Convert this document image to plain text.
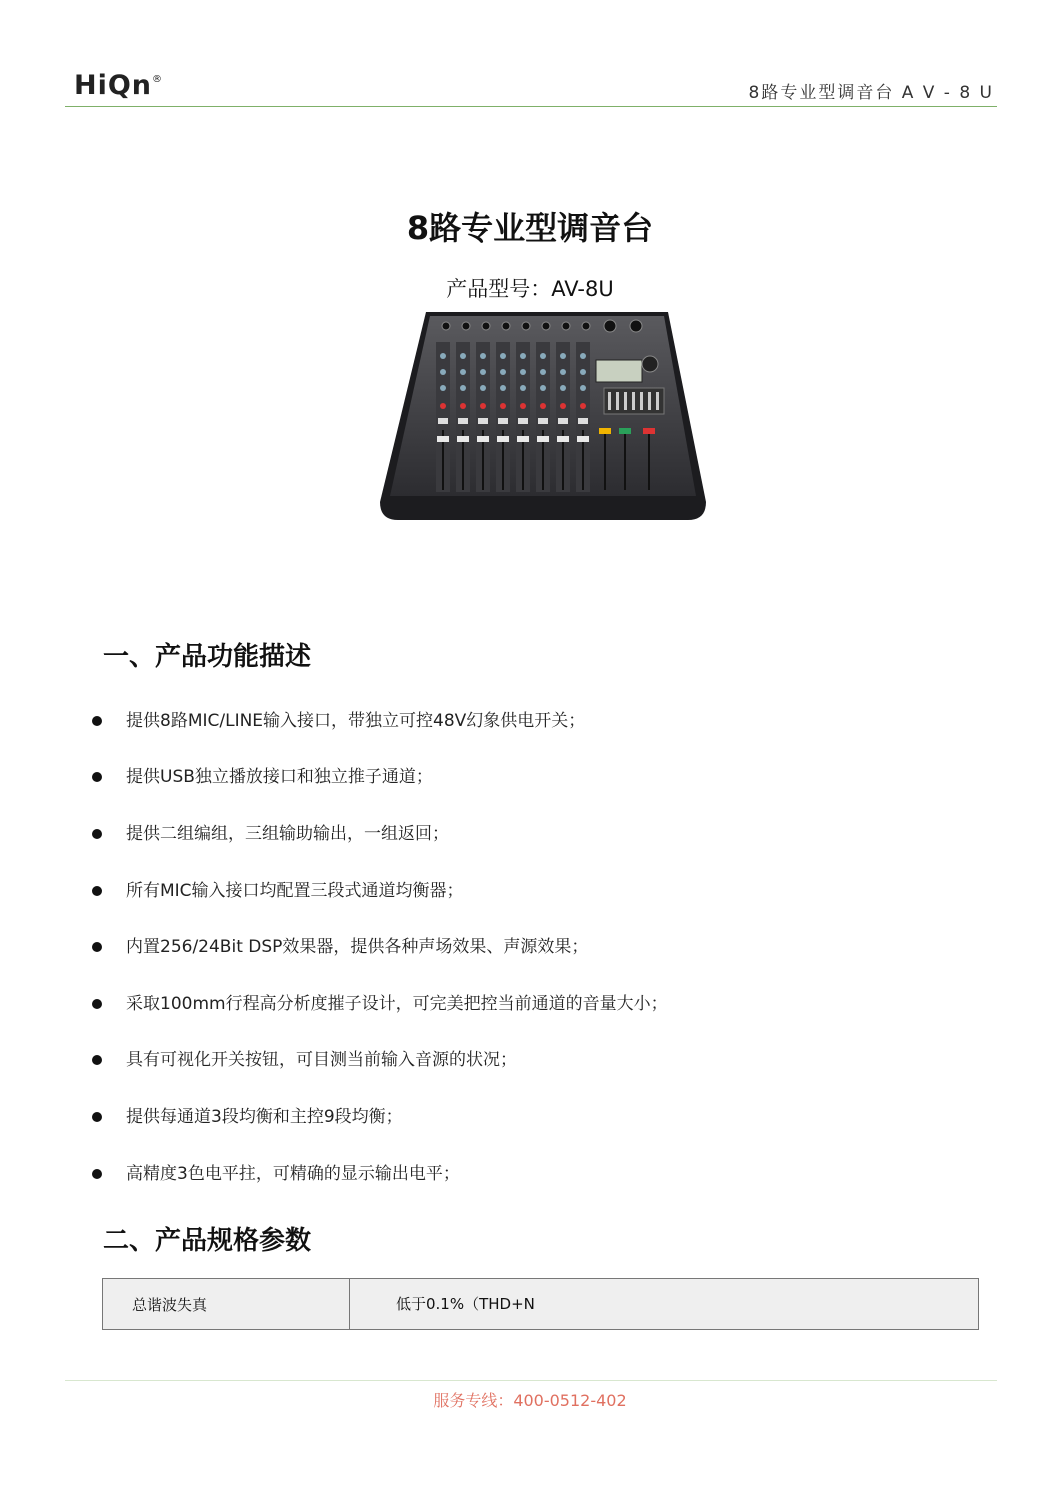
HiQn®
8路专业型调音台 A V - 8 U
8路专业型调音台
产品型号：AV-8U
一、产品功能描述
提供8路MIC/LINE输入接口，带独立可控48V幻象供电开关；
提供USB独立播放接口和独立推子通道；
提供二组编组，三组输助输出，一组返回；
所有MIC输入接口均配置三段式通道均衡器；
内置256/24Bit DSP效果器，提供各种声场效果、声源效果；
采取100mm行程高分析度摧子设计，可完美把控当前通道的音量大小；
具有可视化开关按钮，可目测当前输入音源的状况；
提供每通道3段均衡和主控9段均衡；
高精度3色电平拄，可精确的显示输出电平；
二、产品规格参数
总谐波失真	低于0.1%（THD+N
服务专线：400-0512-402
